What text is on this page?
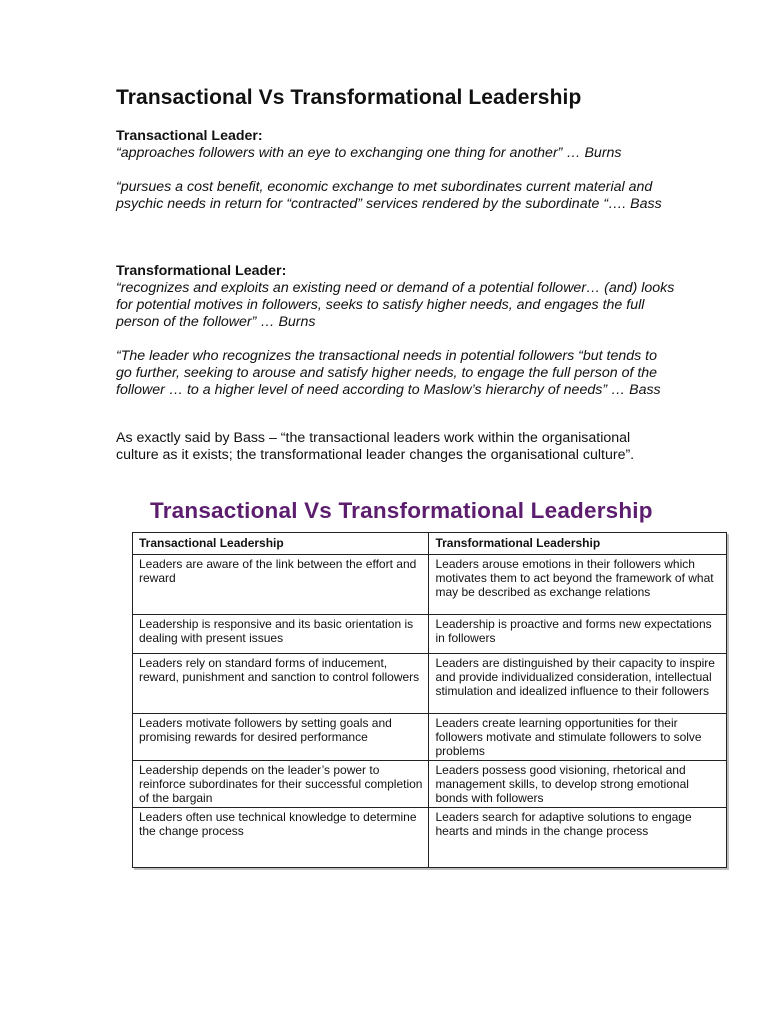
Transactional Vs Transformational Leadership
Transactional Leader:

“approaches followers with an eye to exchanging one thing for another” … Burns

“pursues a cost benefit, economic exchange to met subordinates current material and psychic needs in return for “contracted” services rendered by the subordinate “…. Bass

Transformational Leader:

“recognizes and exploits an existing need or demand of a potential follower… (and) looks for potential motives in followers, seeks to satisfy higher needs, and engages the full person of the follower” … Burns

“The leader who recognizes the transactional needs in potential followers “but tends to go further, seeking to arouse and satisfy higher needs, to engage the full person of the follower … to a higher level of need according to Maslow’s hierarchy of needs” … Bass

As exactly said by Bass – “the transactional leaders work within the organisational culture as it exists; the transformational leader changes the organisational culture”.

Transactional Vs Transformational Leadership
Transactional Leadership	Transformational Leadership
Leaders are aware of the link between the effort and reward	Leaders arouse emotions in their followers which motivates them to act beyond the framework of what may be described as exchange relations
Leadership is responsive and its basic orientation is dealing with present issues	Leadership is proactive and forms new expectations in followers
Leaders rely on standard forms of inducement, reward, punishment and sanction to control followers	Leaders are distinguished by their capacity to inspire and provide individualized consideration, intellectual stimulation and idealized influence to their followers
Leaders motivate followers by setting goals and promising rewards for desired performance	Leaders create learning opportunities for their followers motivate and stimulate followers to solve problems
Leadership depends on the leader’s power to reinforce subordinates for their successful completion of the bargain	Leaders possess good visioning, rhetorical and management skills, to develop strong emotional bonds with followers
Leaders often use technical knowledge to determine the change process	Leaders search for adaptive solutions to engage hearts and minds in the change process
